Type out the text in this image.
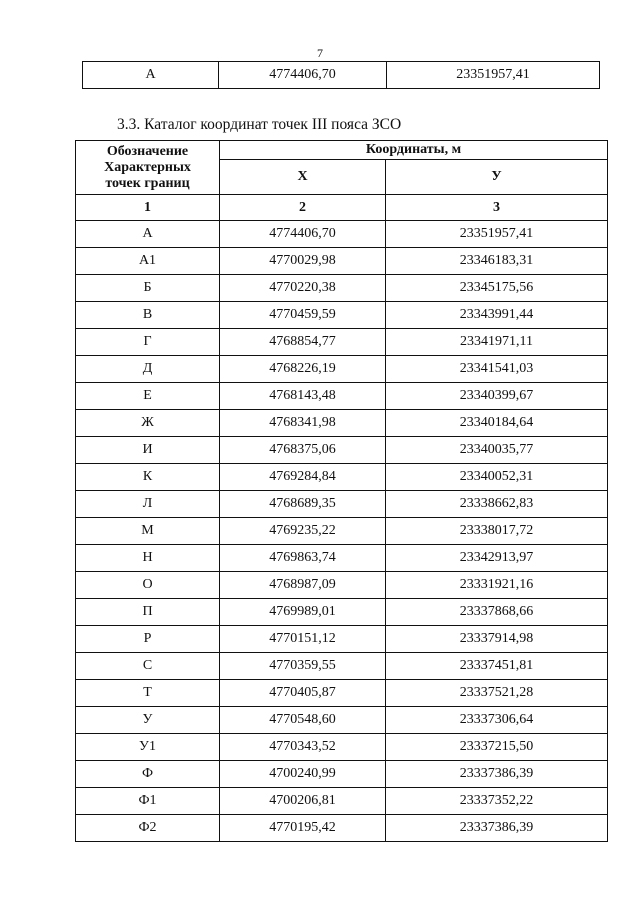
7
А	4774406,70	23351957,41
3.3. Каталог координат точек III пояса ЗСО
Обозначение
Характерных
точек границ	Координаты, м	
	Х	У
1	2	3
А	4774406,70	23351957,41
А1	4770029,98	23346183,31
Б	4770220,38	23345175,56
В	4770459,59	23343991,44
Г	4768854,77	23341971,11
Д	4768226,19	23341541,03
Е	4768143,48	23340399,67
Ж	4768341,98	23340184,64
И	4768375,06	23340035,77
К	4769284,84	23340052,31
Л	4768689,35	23338662,83
М	4769235,22	23338017,72
Н	4769863,74	23342913,97
О	4768987,09	23331921,16
П	4769989,01	23337868,66
Р	4770151,12	23337914,98
С	4770359,55	23337451,81
Т	4770405,87	23337521,28
У	4770548,60	23337306,64
У1	4770343,52	23337215,50
Ф	4700240,99	23337386,39
Ф1	4700206,81	23337352,22
Ф2	4770195,42	23337386,39
